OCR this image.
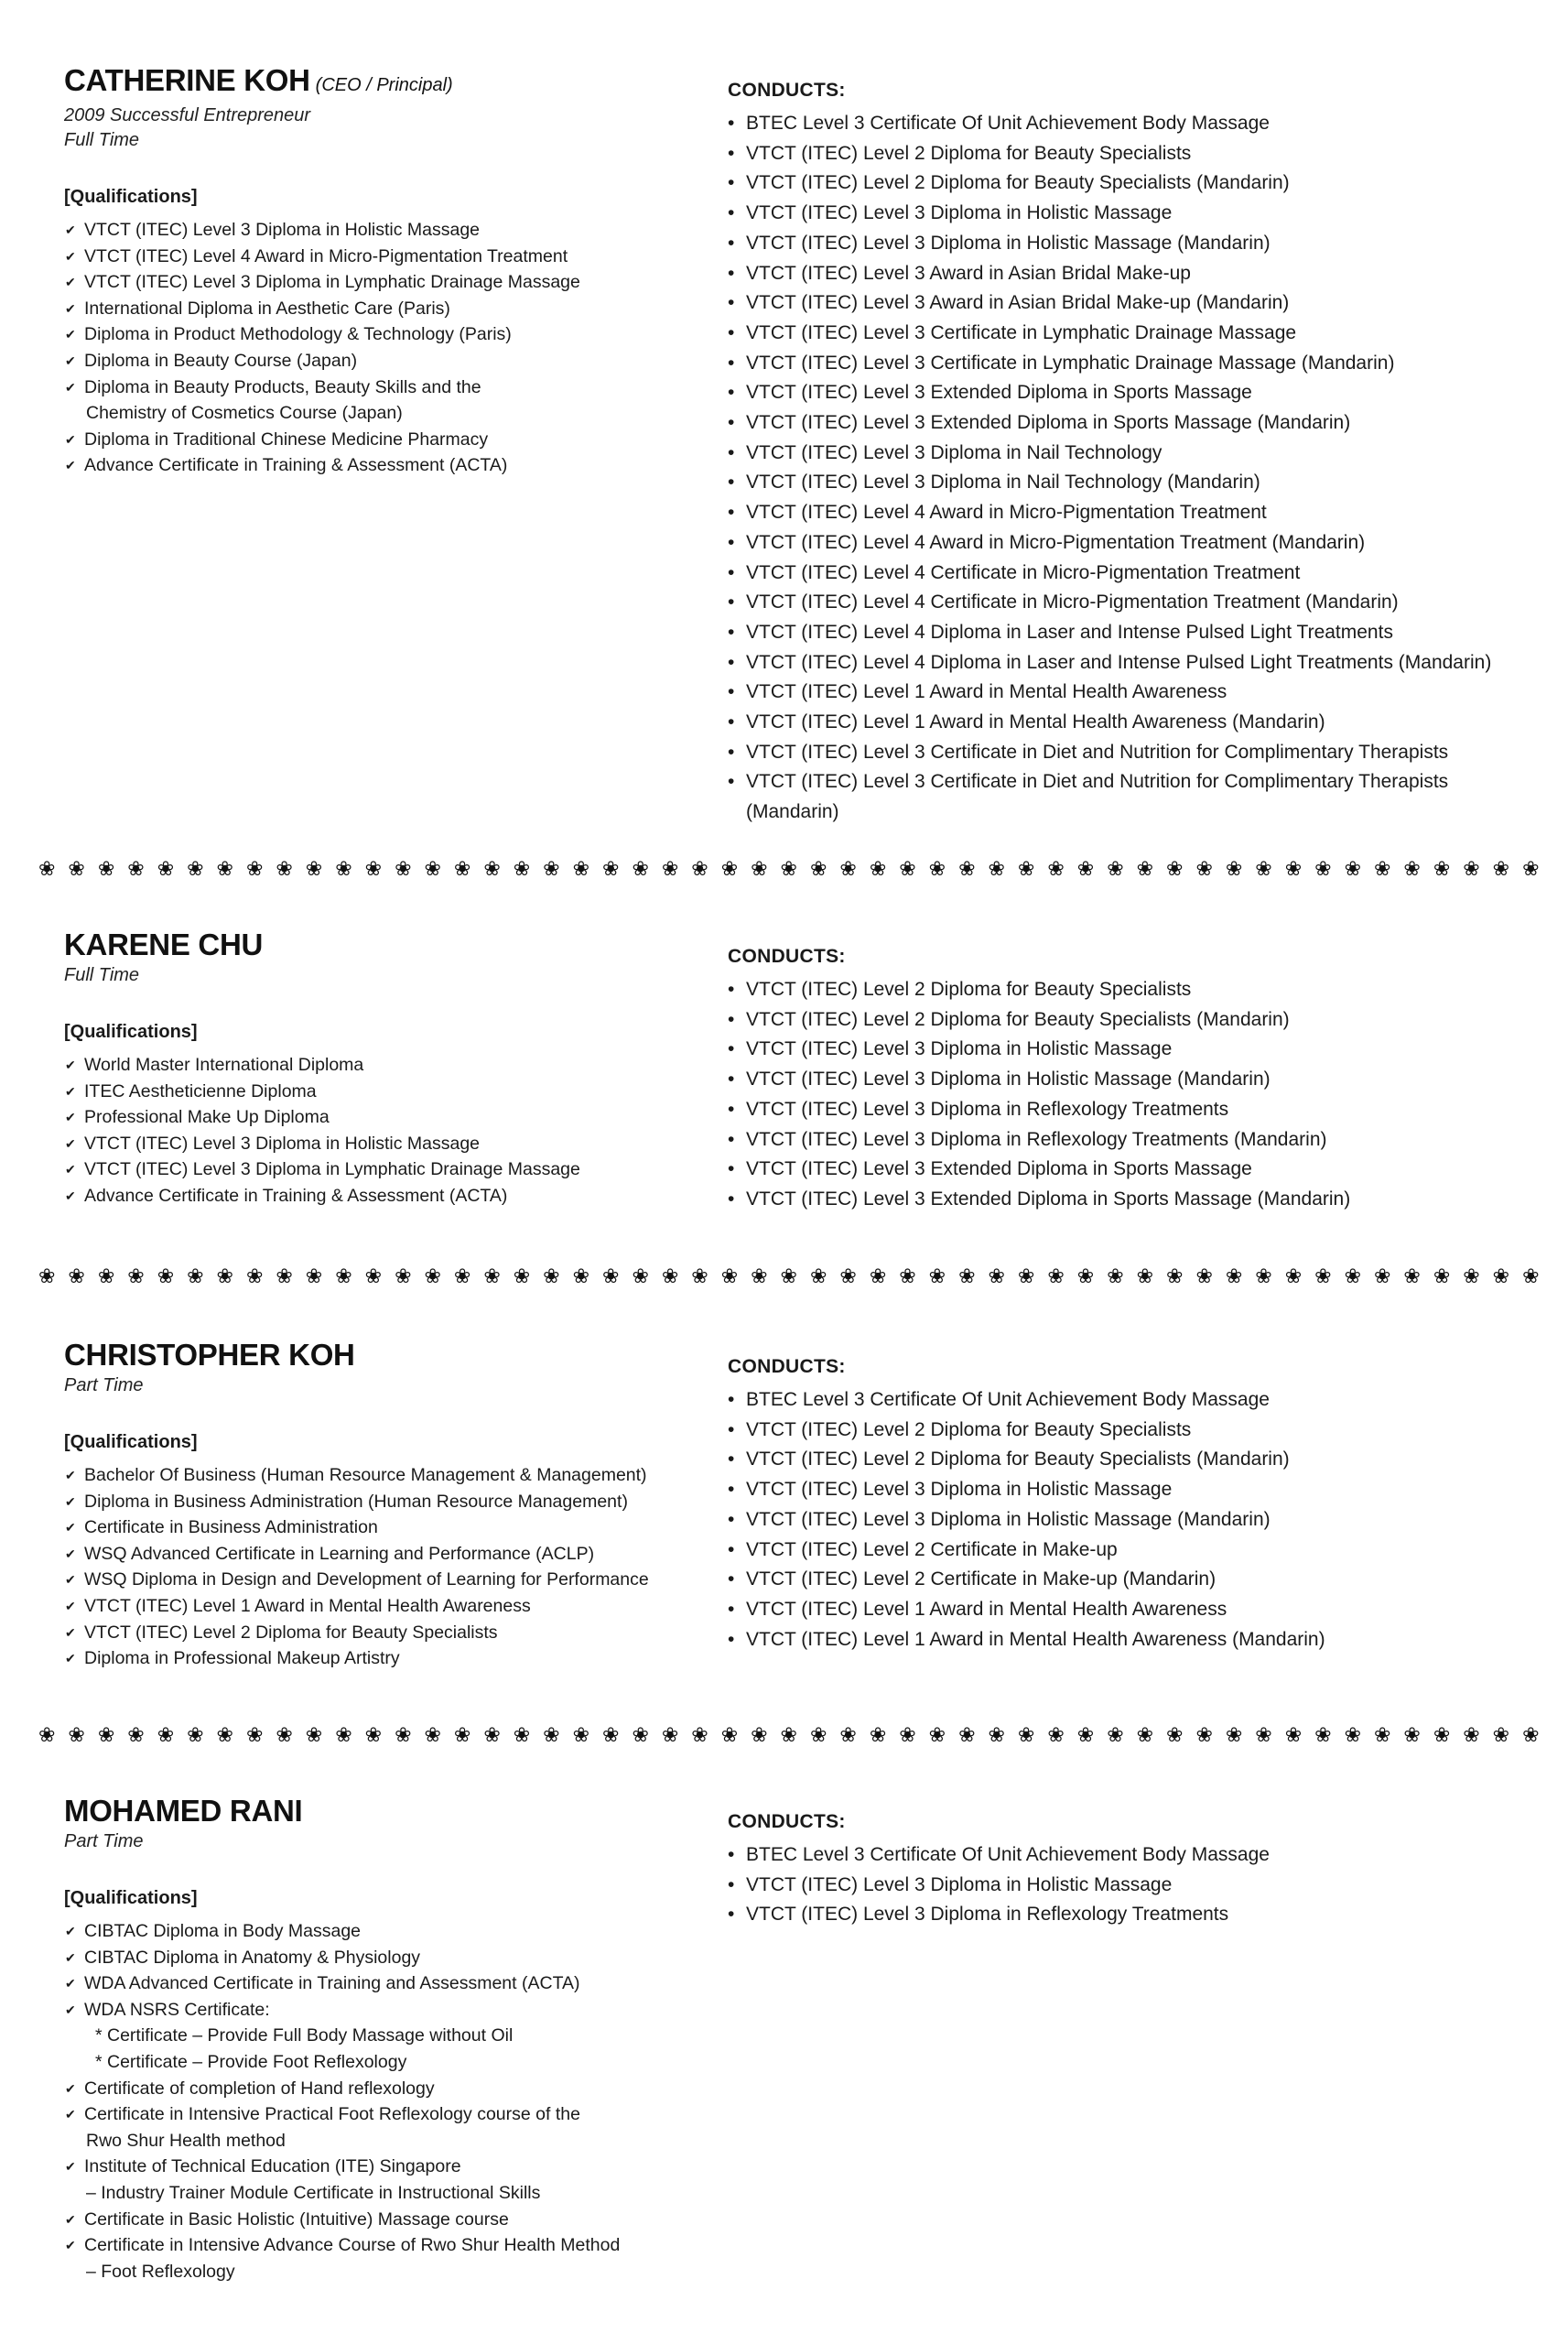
CATHERINE KOH (CEO / Principal)
2009 Successful Entrepreneur
Full Time
[Qualifications]
✔ VTCT (ITEC) Level 3 Diploma in Holistic Massage
✔ VTCT (ITEC) Level 4 Award in Micro-Pigmentation Treatment
✔ VTCT (ITEC) Level 3 Diploma in Lymphatic Drainage Massage
✔ International Diploma in Aesthetic Care (Paris)
✔ Diploma in Product Methodology & Technology (Paris)
✔ Diploma in Beauty Course (Japan)
✔ Diploma in Beauty Products, Beauty Skills and the
Chemistry of Cosmetics Course (Japan)
✔ Diploma in Traditional Chinese Medicine Pharmacy
✔ Advance Certificate in Training & Assessment (ACTA)
CONDUCTS:
• BTEC Level 3 Certificate Of Unit Achievement Body Massage
• VTCT (ITEC) Level 2 Diploma for Beauty Specialists
• VTCT (ITEC) Level 2 Diploma for Beauty Specialists (Mandarin)
• VTCT (ITEC) Level 3 Diploma in Holistic Massage
• VTCT (ITEC) Level 3 Diploma in Holistic Massage (Mandarin)
• VTCT (ITEC) Level 3 Award in Asian Bridal Make-up
• VTCT (ITEC) Level 3 Award in Asian Bridal Make-up (Mandarin)
• VTCT (ITEC) Level 3 Certificate in Lymphatic Drainage Massage
• VTCT (ITEC) Level 3 Certificate in Lymphatic Drainage Massage (Mandarin)
• VTCT (ITEC) Level 3 Extended Diploma in Sports Massage
• VTCT (ITEC) Level 3 Extended Diploma in Sports Massage (Mandarin)
• VTCT (ITEC) Level 3 Diploma in Nail Technology
• VTCT (ITEC) Level 3 Diploma in Nail Technology (Mandarin)
• VTCT (ITEC) Level 4 Award in Micro-Pigmentation Treatment
• VTCT (ITEC) Level 4 Award in Micro-Pigmentation Treatment (Mandarin)
• VTCT (ITEC) Level 4 Certificate in Micro-Pigmentation Treatment
• VTCT (ITEC) Level 4 Certificate in Micro-Pigmentation Treatment (Mandarin)
• VTCT (ITEC) Level 4 Diploma in Laser and Intense Pulsed Light Treatments
• VTCT (ITEC) Level 4 Diploma in Laser and Intense Pulsed Light Treatments (Mandarin)
• VTCT (ITEC) Level 1 Award in Mental Health Awareness
• VTCT (ITEC) Level 1 Award in Mental Health Awareness (Mandarin)
• VTCT (ITEC) Level 3 Certificate in Diet and Nutrition for Complimentary Therapists
• VTCT (ITEC) Level 3 Certificate in Diet and Nutrition for Complimentary Therapists
(Mandarin)
❀ ❀ ❀ ❀ ❀ ❀ ❀ ❀ ❀ ❀ ❀ ❀ ❀ ❀ ❀ ❀ ❀ ❀ ❀ ❀ ❀ ❀ ❀ ❀ ❀ ❀ ❀ ❀ ❀ ❀ ❀ ❀ ❀ ❀ ❀ ❀ ❀ ❀ ❀ ❀ ❀ ❀ ❀ ❀ ❀ ❀ ❀ ❀ ❀ ❀ ❀
KARENE CHU
Full Time
[Qualifications]
✔ World Master International Diploma
✔ ITEC Aestheticienne Diploma
✔ Professional Make Up Diploma
✔ VTCT (ITEC) Level 3 Diploma in Holistic Massage
✔ VTCT (ITEC) Level 3 Diploma in Lymphatic Drainage Massage
✔ Advance Certificate in Training & Assessment (ACTA)
CONDUCTS:
• VTCT (ITEC) Level 2 Diploma for Beauty Specialists
• VTCT (ITEC) Level 2 Diploma for Beauty Specialists (Mandarin)
• VTCT (ITEC) Level 3 Diploma in Holistic Massage
• VTCT (ITEC) Level 3 Diploma in Holistic Massage (Mandarin)
• VTCT (ITEC) Level 3 Diploma in Reflexology Treatments
• VTCT (ITEC) Level 3 Diploma in Reflexology Treatments (Mandarin)
• VTCT (ITEC) Level 3 Extended Diploma in Sports Massage
• VTCT (ITEC) Level 3 Extended Diploma in Sports Massage (Mandarin)
❀ ❀ ❀ ❀ ❀ ❀ ❀ ❀ ❀ ❀ ❀ ❀ ❀ ❀ ❀ ❀ ❀ ❀ ❀ ❀ ❀ ❀ ❀ ❀ ❀ ❀ ❀ ❀ ❀ ❀ ❀ ❀ ❀ ❀ ❀ ❀ ❀ ❀ ❀ ❀ ❀ ❀ ❀ ❀ ❀ ❀ ❀ ❀ ❀ ❀ ❀
CHRISTOPHER KOH
Part Time
[Qualifications]
✔ Bachelor Of Business (Human Resource Management & Management)
✔ Diploma in Business Administration (Human Resource Management)
✔ Certificate in Business Administration
✔ WSQ Advanced Certificate in Learning and Performance (ACLP)
✔ WSQ Diploma in Design and Development of Learning for Performance
✔ VTCT (ITEC) Level 1 Award in Mental Health Awareness
✔ VTCT (ITEC) Level 2 Diploma for Beauty Specialists
✔ Diploma in Professional Makeup Artistry
CONDUCTS:
• BTEC Level 3 Certificate Of Unit Achievement Body Massage
• VTCT (ITEC) Level 2 Diploma for Beauty Specialists
• VTCT (ITEC) Level 2 Diploma for Beauty Specialists (Mandarin)
• VTCT (ITEC) Level 3 Diploma in Holistic Massage
• VTCT (ITEC) Level 3 Diploma in Holistic Massage (Mandarin)
• VTCT (ITEC) Level 2 Certificate in Make-up
• VTCT (ITEC) Level 2 Certificate in Make-up (Mandarin)
• VTCT (ITEC) Level 1 Award in Mental Health Awareness
• VTCT (ITEC) Level 1 Award in Mental Health Awareness (Mandarin)
❀ ❀ ❀ ❀ ❀ ❀ ❀ ❀ ❀ ❀ ❀ ❀ ❀ ❀ ❀ ❀ ❀ ❀ ❀ ❀ ❀ ❀ ❀ ❀ ❀ ❀ ❀ ❀ ❀ ❀ ❀ ❀ ❀ ❀ ❀ ❀ ❀ ❀ ❀ ❀ ❀ ❀ ❀ ❀ ❀ ❀ ❀ ❀ ❀ ❀ ❀
MOHAMED RANI
Part Time
[Qualifications]
✔ CIBTAC Diploma in Body Massage
✔ CIBTAC Diploma in Anatomy & Physiology
✔ WDA Advanced Certificate in Training and Assessment (ACTA)
✔ WDA NSRS Certificate:
* Certificate – Provide Full Body Massage without Oil
* Certificate – Provide Foot Reflexology
✔ Certificate of completion of Hand reflexology
✔ Certificate in Intensive Practical Foot Reflexology course of the
Rwo Shur Health method
✔ Institute of Technical Education (ITE) Singapore
– Industry Trainer Module Certificate in Instructional Skills
✔ Certificate in Basic Holistic (Intuitive) Massage course
✔ Certificate in Intensive Advance Course of Rwo Shur Health Method
– Foot Reflexology
CONDUCTS:
• BTEC Level 3 Certificate Of Unit Achievement Body Massage
• VTCT (ITEC) Level 3 Diploma in Holistic Massage
• VTCT (ITEC) Level 3 Diploma in Reflexology Treatments
